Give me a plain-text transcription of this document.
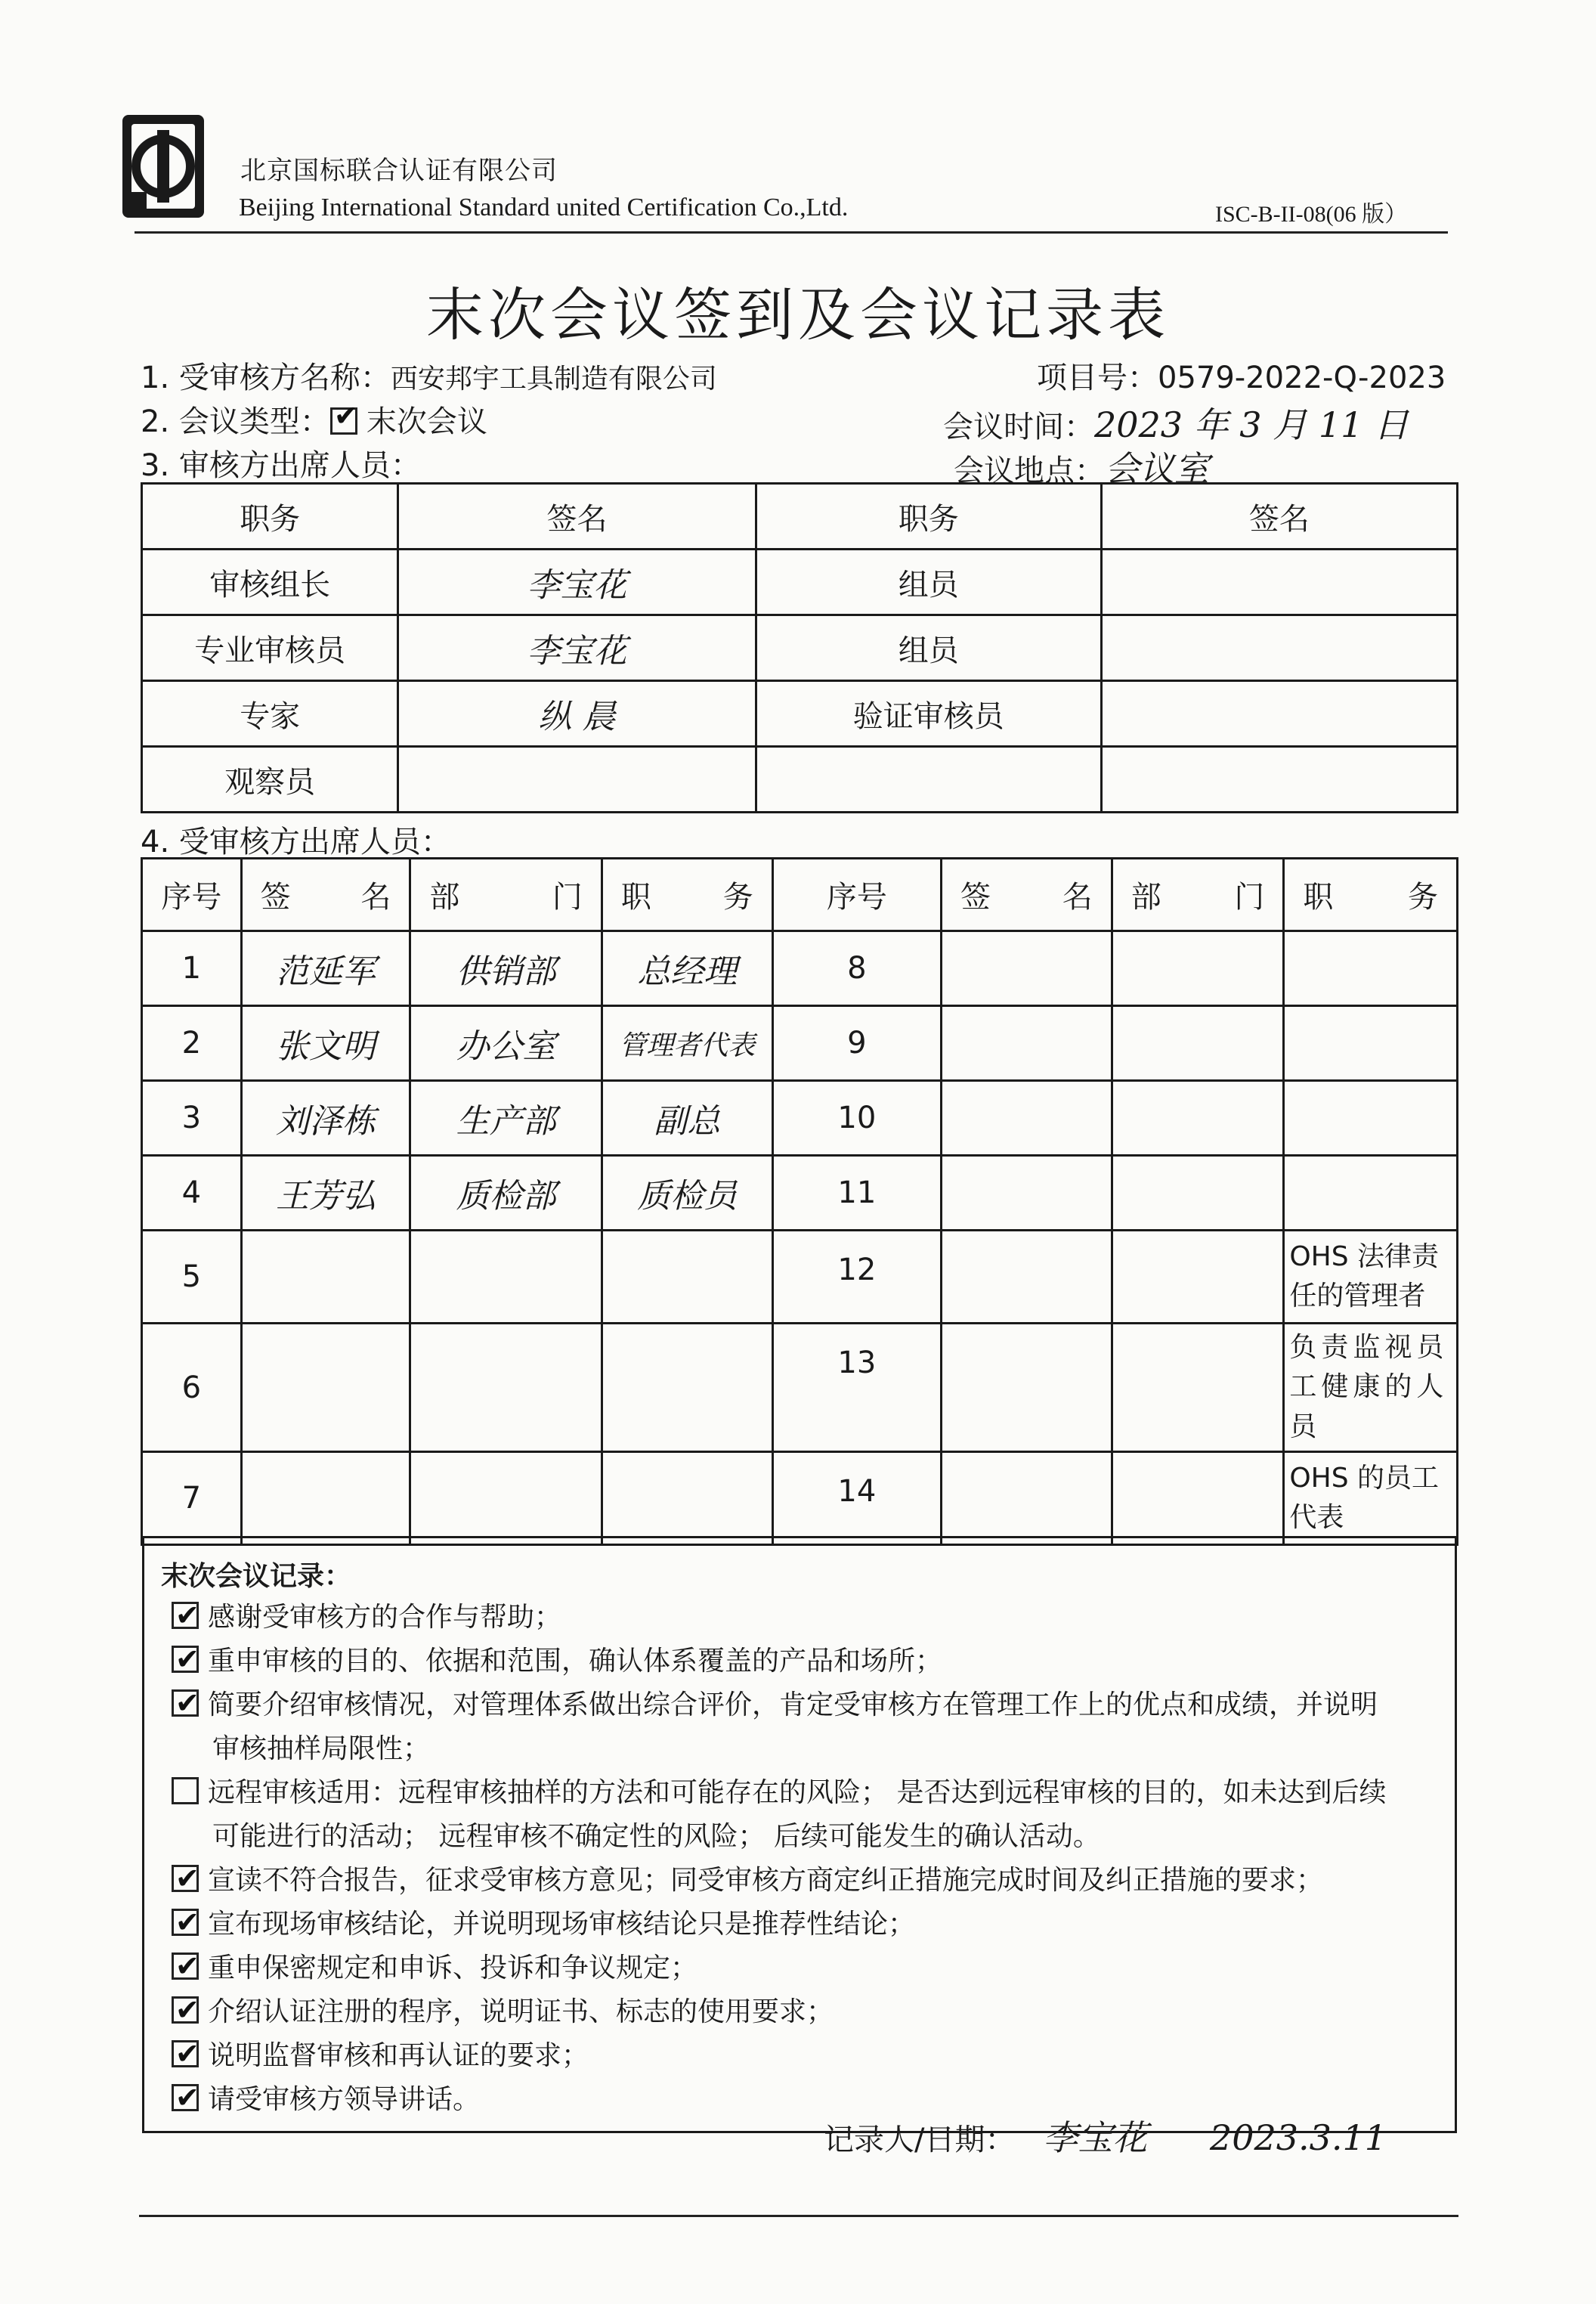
北京国标联合认证有限公司
Beijing International Standard united Certification Co.,Ltd.	ISC-B-II-08(06 版）
末次会议签到及会议记录表
1. 受审核方名称：西安邦宇工具制造有限公司	项目号：0579-2022-Q-2023
2. 会议类型： ✔ 末次会议	会议时间：2023 年 3 月 11 日
3. 审核方出席人员：	会议地点：会议室
职务	签名	职务	签名
审核组长	李宝花	组员	
专业审核员	李宝花	组员	
专家	纵 晨	验证审核员	
观察员			
4. 受审核方出席人员：
序号	签 名	部 门	职 务	序号	签 名	部 门	职 务

1	范延军	供销部	总经理	8			
2	张文明	办公室	管理者代表	9			
3	刘泽栋	生产部	副总	10			
4	王芳弘	质检部	质检员	11			
5				12			OHS 法律责任的管理者
6				13			负责监视员工健康的人员
7				14			OHS 的员工代表
末次会议记录：
✔感谢受审核方的合作与帮助；
✔重申审核的目的、依据和范围，确认体系覆盖的产品和场所；
✔简要介绍审核情况，对管理体系做出综合评价，肯定受审核方在管理工作上的优点和成绩，并说明
审核抽样局限性；
远程审核适用：远程审核抽样的方法和可能存在的风险； 是否达到远程审核的目的，如未达到后续
可能进行的活动； 远程审核不确定性的风险； 后续可能发生的确认活动。
✔宣读不符合报告，征求受审核方意见；同受审核方商定纠正措施完成时间及纠正措施的要求；
✔宣布现场审核结论，并说明现场审核结论只是推荐性结论；
✔重申保密规定和申诉、投诉和争议规定；
✔介绍认证注册的程序，说明证书、标志的使用要求；
✔说明监督审核和再认证的要求；
✔请受审核方领导讲话。
记录人/日期： 李宝花 2023.3.11
